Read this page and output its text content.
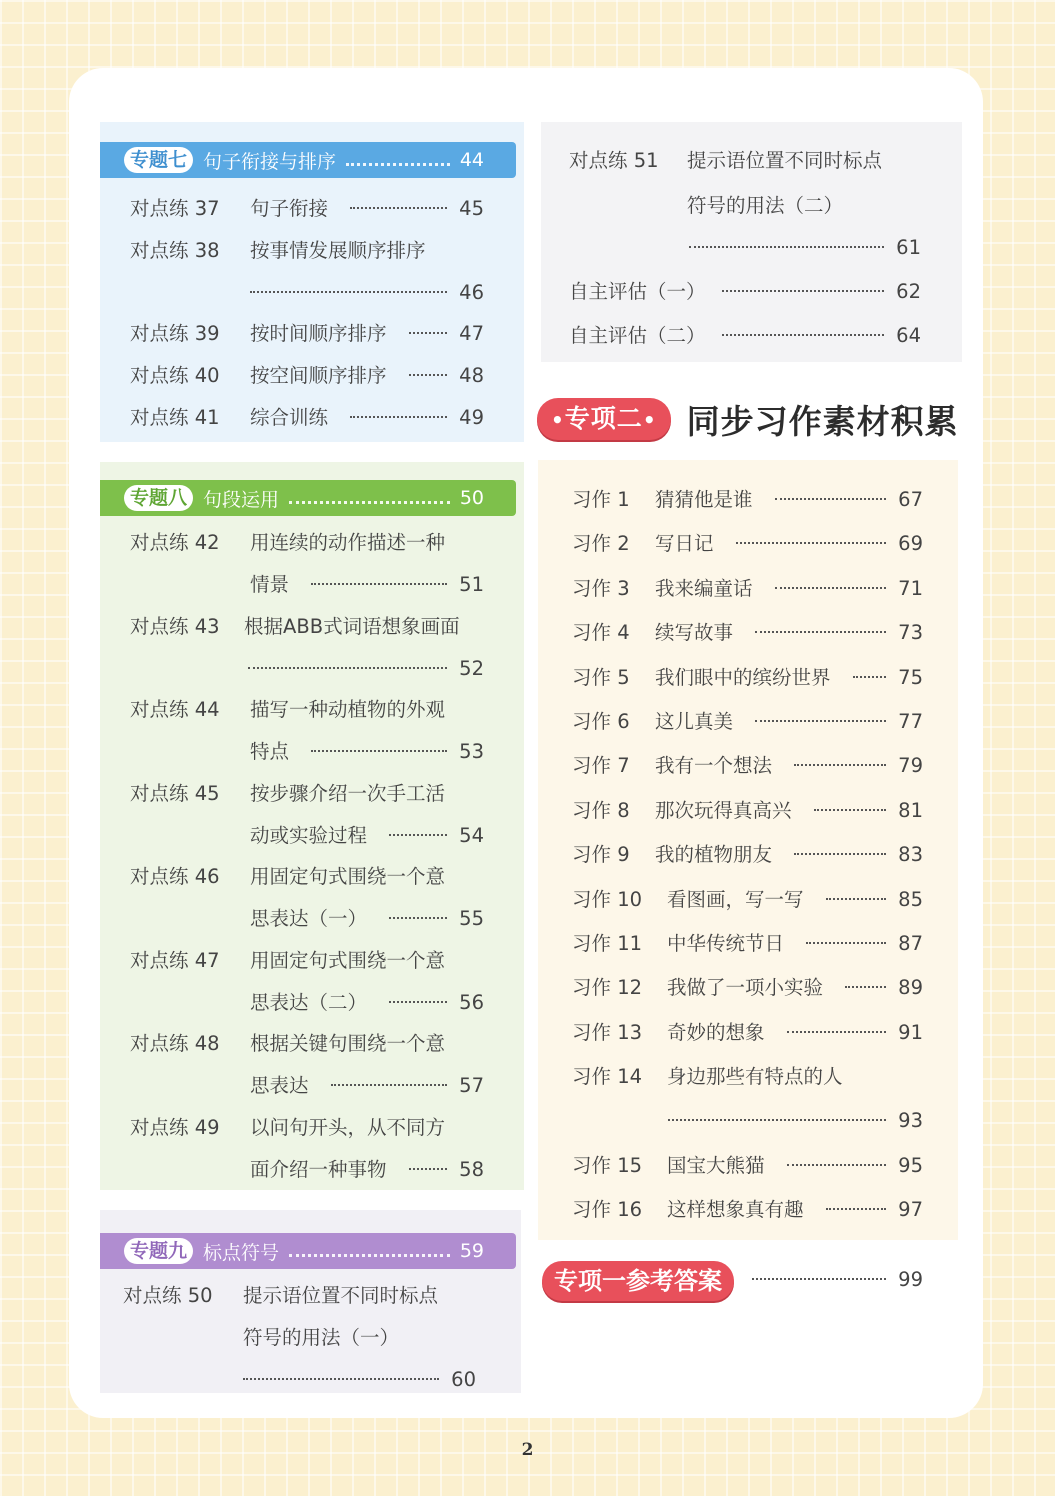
专题七 句子衔接与排序	44
对点练 37	句子衔接	45
对点练 38	按事情发展顺序排序
46
对点练 39	按时间顺序排序	47
对点练 40	按空间顺序排序	48
对点练 41	综合训练	49
专题八 句段运用	50
对点练 42	用连续的动作描述一种
情景	51
对点练 43	根据ABB式词语想象画面
52
对点练 44	描写一种动植物的外观
特点	53
对点练 45	按步骤介绍一次手工活
动或实验过程	54
对点练 46	用固定句式围绕一个意
思表达（一）	55
对点练 47	用固定句式围绕一个意
思表达（二）	56
对点练 48	根据关键句围绕一个意
思表达	57
对点练 49	以问句开头，从不同方
面介绍一种事物	58
专题九 标点符号	59
对点练 50	提示语位置不同时标点
符号的用法（一）
60
对点练 51	提示语位置不同时标点
符号的用法（二）
61
自主评估（一）	62
自主评估（二）	64
•专项二• 同步习作素材积累
习作 1	猜猜他是谁	67
习作 2	写日记	69
习作 3	我来编童话	71
习作 4	续写故事	73
习作 5	我们眼中的缤纷世界	75
习作 6	这儿真美	77
习作 7	我有一个想法	79
习作 8	那次玩得真高兴	81
习作 9	我的植物朋友	83
习作 10	看图画，写一写	85
习作 11	中华传统节日	87
习作 12	我做了一项小实验	89
习作 13	奇妙的想象	91
习作 14	身边那些有特点的人
93
习作 15	国宝大熊猫	95
习作 16	这样想象真有趣	97
专项一参考答案	99
2
